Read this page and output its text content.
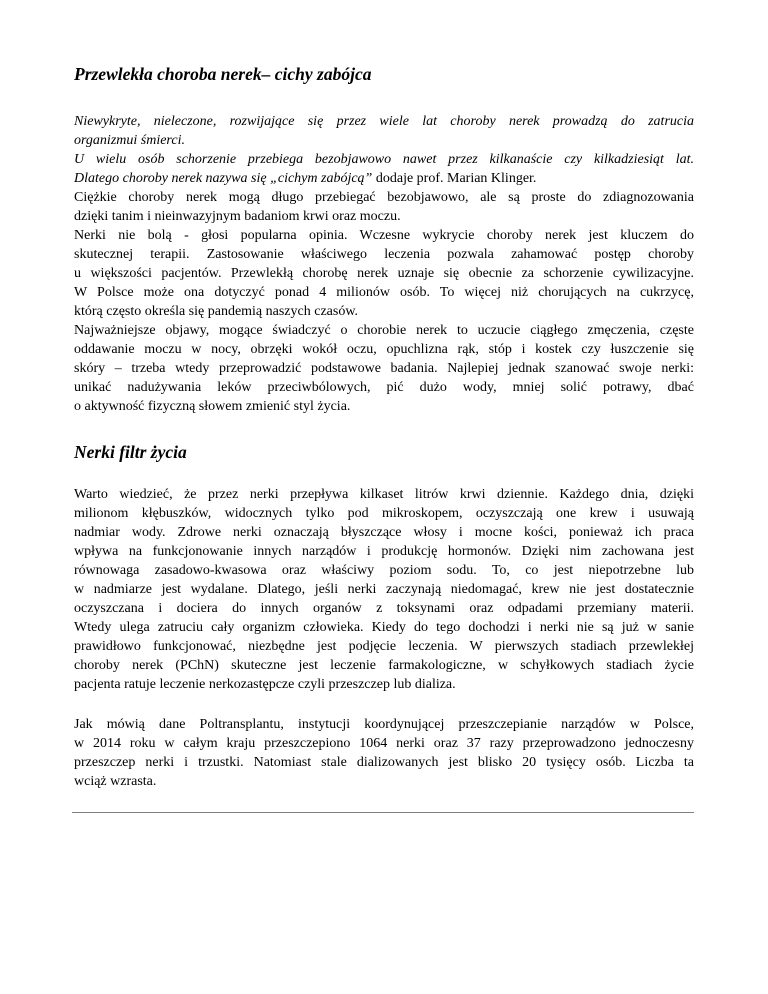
Przewlekła choroba nerek– cichy zabójca
Niewykryte, nieleczone, rozwijające się przez wiele lat choroby nerek prowadzą do zatrucia
organizmui śmierci.
U wielu osób schorzenie przebiega bezobjawowo nawet przez kilkanaście czy kilkadziesiąt lat.
Dlatego choroby nerek nazywa się „cichym zabójcą” dodaje prof. Marian Klinger.
Ciężkie choroby nerek mogą długo przebiegać bezobjawowo, ale są proste do zdiagnozowania
dzięki tanim i nieinwazyjnym badaniom krwi oraz moczu.
Nerki nie bolą - głosi popularna opinia. Wczesne wykrycie choroby nerek jest kluczem do
skutecznej terapii. Zastosowanie właściwego leczenia pozwala zahamować postęp choroby
u większości pacjentów. Przewlekłą chorobę nerek uznaje się obecnie za schorzenie cywilizacyjne.
W Polsce może ona dotyczyć ponad 4 milionów osób. To więcej niż chorujących na cukrzycę,
którą często określa się pandemią naszych czasów.
Najważniejsze objawy, mogące świadczyć o chorobie nerek to uczucie ciągłego zmęczenia, częste
oddawanie moczu w nocy, obrzęki wokół oczu, opuchlizna rąk, stóp i kostek czy łuszczenie się
skóry – trzeba wtedy przeprowadzić podstawowe badania. Najlepiej jednak szanować swoje nerki:
unikać nadużywania leków przeciwbólowych, pić dużo wody, mniej solić potrawy, dbać
o aktywność fizyczną słowem zmienić styl życia.
Nerki filtr życia
Warto wiedzieć, że przez nerki przepływa kilkaset litrów krwi dziennie. Każdego dnia, dzięki
milionom kłębuszków, widocznych tylko pod mikroskopem, oczyszczają one krew i usuwają
nadmiar wody. Zdrowe nerki oznaczają błyszczące włosy i mocne kości, ponieważ ich praca
wpływa na funkcjonowanie innych narządów i produkcję hormonów. Dzięki nim zachowana jest
równowaga zasadowo-kwasowa oraz właściwy poziom sodu. To, co jest niepotrzebne lub
w nadmiarze jest wydalane. Dlatego, jeśli nerki zaczynają niedomagać, krew nie jest dostatecznie
oczyszczana i dociera do innych organów z toksynami oraz odpadami przemiany materii.
Wtedy ulega zatruciu cały organizm człowieka. Kiedy do tego dochodzi i nerki nie są już w sanie
prawidłowo funkcjonować, niezbędne jest podjęcie leczenia. W pierwszych stadiach przewlekłej
choroby nerek (PChN) skuteczne jest leczenie farmakologiczne, w schyłkowych stadiach życie
pacjenta ratuje leczenie nerkozastępcze czyli przeszczep lub dializa.
Jak mówią dane Poltransplantu, instytucji koordynującej przeszczepianie narządów w Polsce,
w 2014 roku w całym kraju przeszczepiono 1064 nerki oraz 37 razy przeprowadzono jednoczesny
przeszczep nerki i trzustki. Natomiast stale dializowanych jest blisko 20 tysięcy osób. Liczba ta
wciąż wzrasta.
